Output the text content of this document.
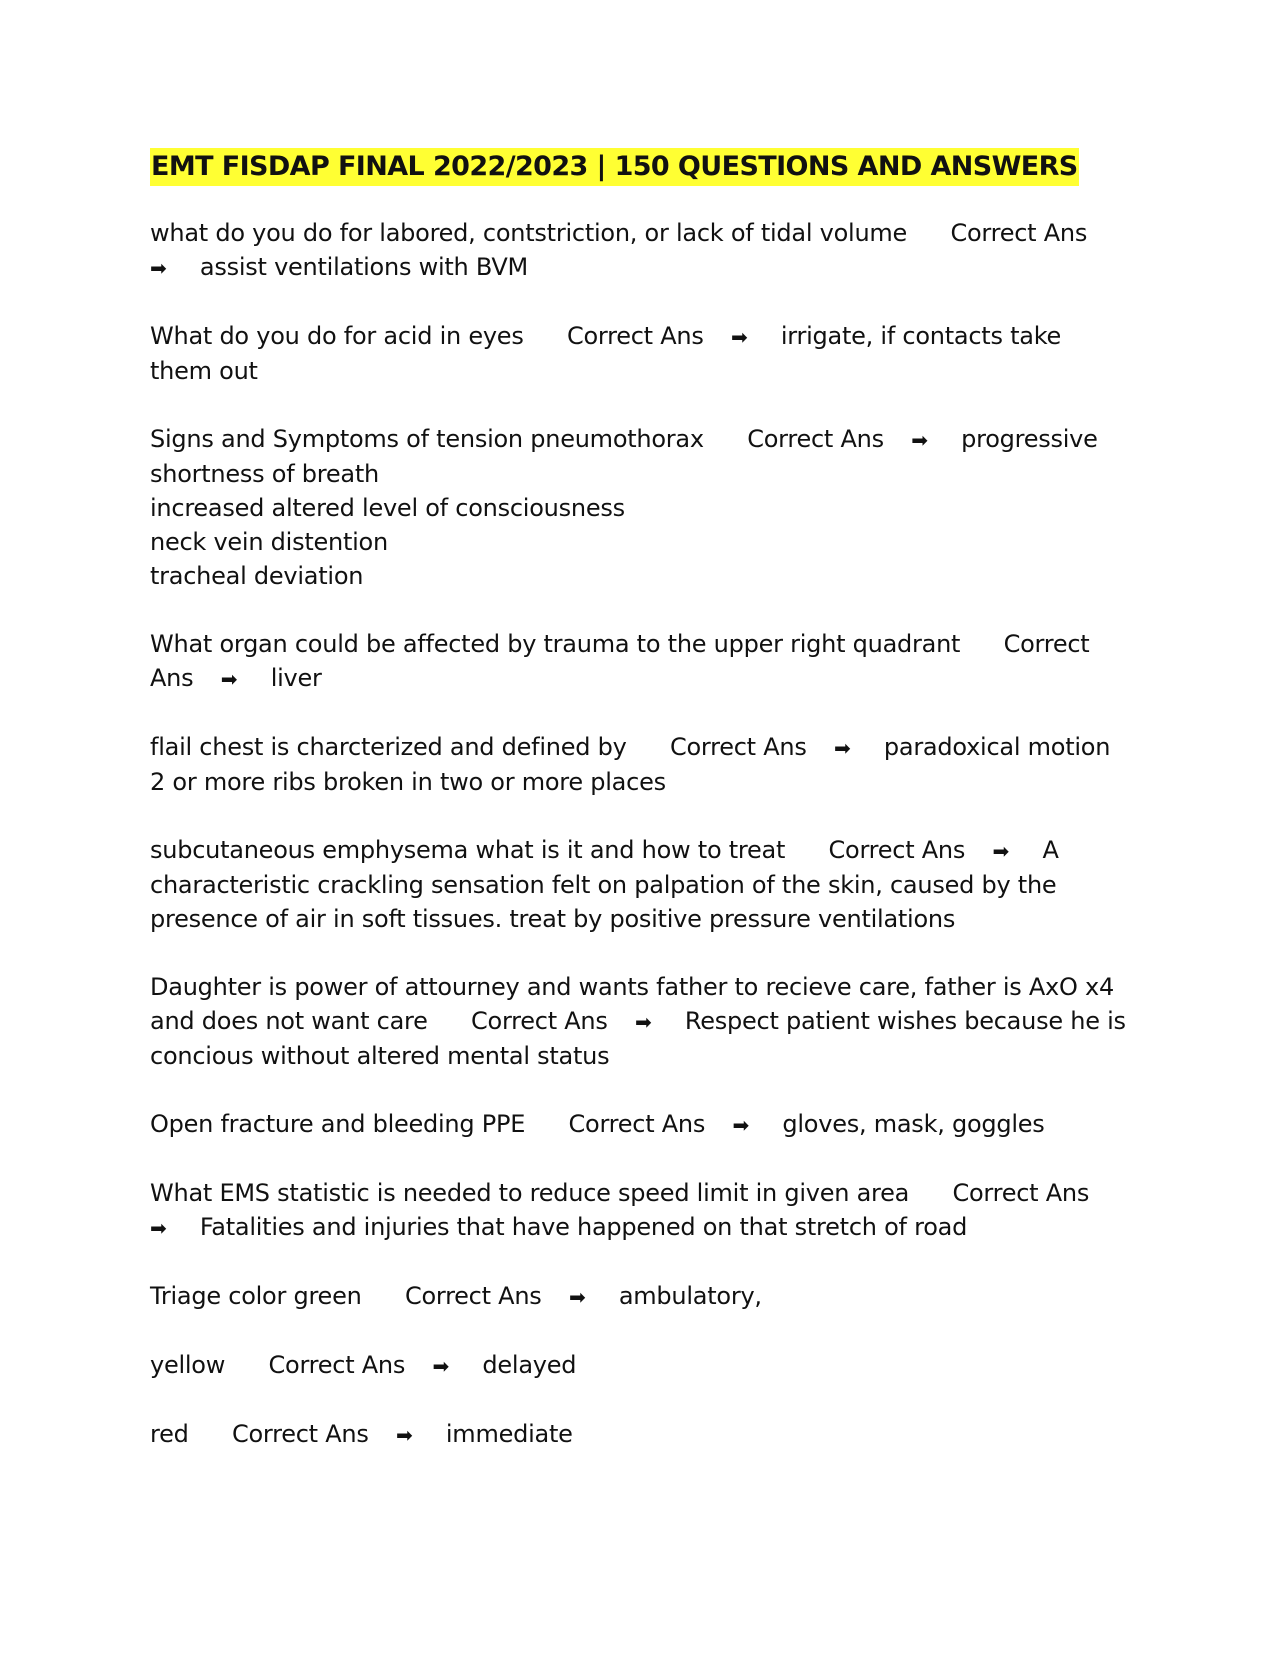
EMT FISDAP FINAL 2022/2023 | 150 QUESTIONS AND ANSWERS
what do you do for labored, contstriction, or lack of tidal volume Correct Ans ➡ assist ventilations with BVM
What do you do for acid in eyes Correct Ans ➡ irrigate, if contacts take them out
Signs and Symptoms of tension pneumothorax Correct Ans ➡ progressive shortness of breath
increased altered level of consciousness
neck vein distention
tracheal deviation
What organ could be affected by trauma to the upper right quadrant Correct Ans ➡ liver
flail chest is charcterized and defined by Correct Ans ➡ paradoxical motion
2 or more ribs broken in two or more places
subcutaneous emphysema what is it and how to treat Correct Ans ➡ A characteristic crackling sensation felt on palpation of the skin, caused by the presence of air in soft tissues. treat by positive pressure ventilations
Daughter is power of attourney and wants father to recieve care, father is AxO x4 and does not want care Correct Ans ➡ Respect patient wishes because he is concious without altered mental status
Open fracture and bleeding PPE Correct Ans ➡ gloves, mask, goggles
What EMS statistic is needed to reduce speed limit in given area Correct Ans ➡ Fatalities and injuries that have happened on that stretch of road
Triage color green Correct Ans ➡ ambulatory,
yellow Correct Ans ➡ delayed
red Correct Ans ➡ immediate
